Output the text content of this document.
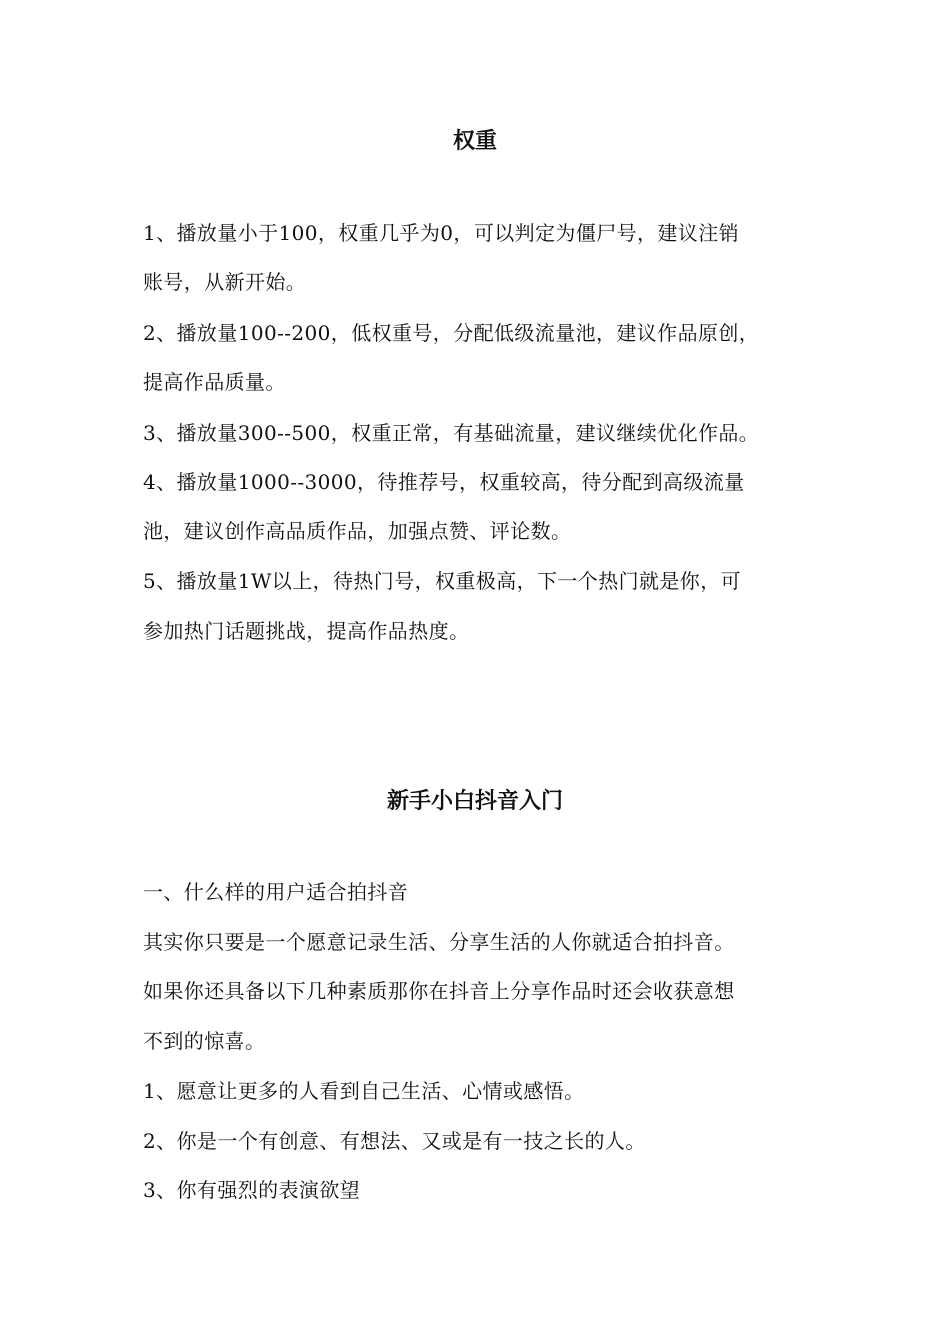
权重

1、播放量小于100，权重几乎为0，可以判定为僵尸号，建议注销

账号，从新开始。

2、播放量100--200，低权重号，分配低级流量池，建议作品原创，

提高作品质量。

3、播放量300--500，权重正常，有基础流量，建议继续优化作品。

4、播放量1000--3000，待推荐号，权重较高，待分配到高级流量

池，建议创作高品质作品，加强点赞、评论数。

5、播放量1W以上，待热门号，权重极高，下一个热门就是你，可

参加热门话题挑战，提高作品热度。

新手小白抖音入门

一、什么样的用户适合拍抖音

其实你只要是一个愿意记录生活、分享生活的人你就适合拍抖音。

如果你还具备以下几种素质那你在抖音上分享作品时还会收获意想

不到的惊喜。

1、愿意让更多的人看到自己生活、心情或感悟。

2、你是一个有创意、有想法、又或是有一技之长的人。

3、你有强烈的表演欲望
